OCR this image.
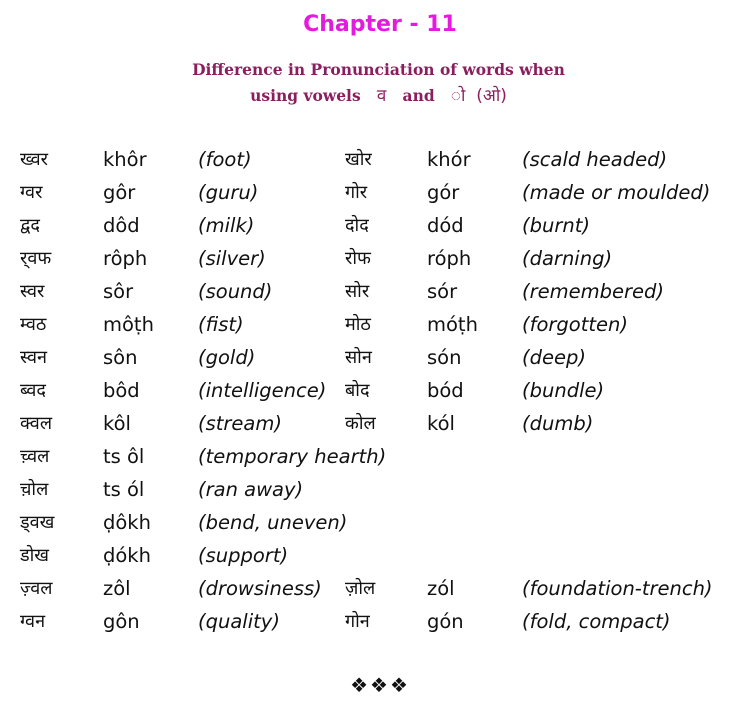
Chapter - 11
Difference in Pronunciation of words when
using vowels व and ो (ओ)
ख्वर	khôr	(foot)	खोर	khór	(scald headed)
ग्वर	gôr	(guru)	गोर	gór	(made or moulded)
द्वद	dôd	(milk)	दोद	dód	(burnt)
र्‌वफ	rôph	(silver)	रोफ	róph	(darning)
स्वर	sôr	(sound)	सोर	sór	(remembered)
म्वठ	môṭh (fist)	मोठ	móṭh (forgotten)
स्वन	sôn	(gold)	सोन	són	(deep)
ब्वद	bôd	(intelligence) बोद	bód	(bundle)
क्वल	kôl	(stream)	कोल	kól	(dumb)
च़्वल	ts ôl	(temporary hearth)
च़ोल	ts ól	(ran away)
ड्वख ḍôkh (bend, uneven)
डोख	ḍókh (support)
ज़्वल	zôl	(drowsiness) ज़ोल	zól	(foundation-trench)
ग्वन	gôn	(quality)	गोन	gón	(fold, compact)
❖❖❖
